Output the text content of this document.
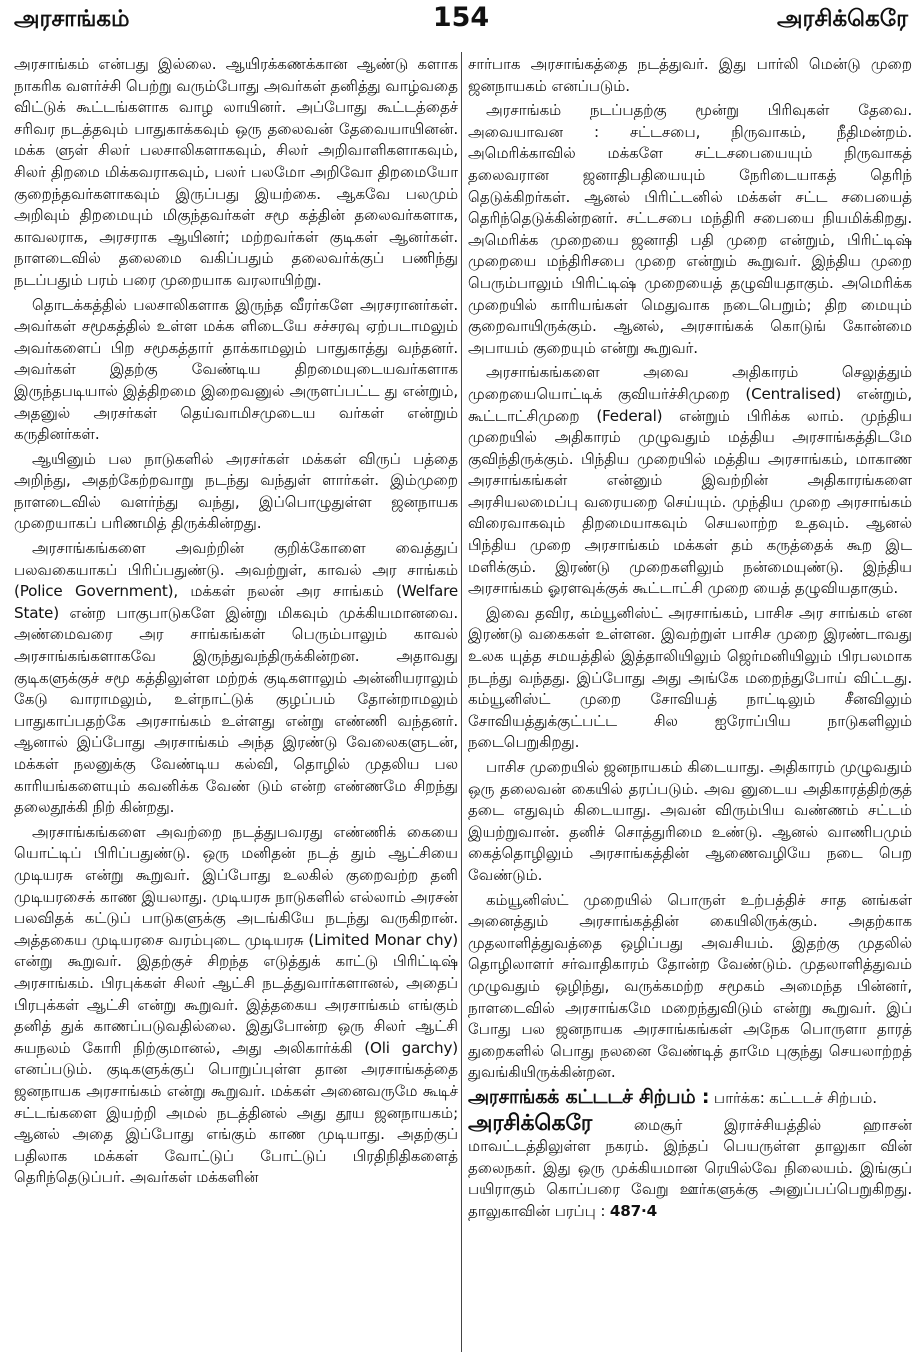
அரசாங்கம்	154	அரசிக்கெரே

அரசாங்கம் என்பது இல்லை. ஆயிரக்கணக்கான ஆண்டு களாக நாகரிக வளர்ச்சி பெற்று வரும்போது அவர்கள் தனித்து வாழ்வதை விட்டுக் கூட்டங்களாக வாழ லாயினர். அப்போது கூட்டத்தைச் சரிவர நடத்தவும் பாதுகாக்கவும் ஒரு தலைவன் தேவையாயினன். மக்க ளுள் சிலர் பலசாலிகளாகவும், சிலர் அறிவாளிகளாகவும், சிலர் திறமை மிக்கவராகவும், பலர் பலமோ அறிவோ திறமையோ குறைந்தவர்களாகவும் இருப்பது இயற்கை. ஆகவே பலமும் அறிவும் திறமையும் மிகுந்தவர்கள் சமூ கத்தின் தலைவர்களாக, காவலராக, அரசராக ஆயினர்; மற்றவர்கள் குடிகள் ஆனர்கள். நாளடைவில் தலைமை வகிப்பதும் தலைவர்க்குப் பணிந்து நடப்பதும் பரம் பரை முறையாக வரலாயிற்று.

தொடக்கத்தில் பலசாலிகளாக இருந்த வீரர்களே அரசரானர்கள். அவர்கள் சமூகத்தில் உள்ள மக்க ளிடையே சச்சரவு ஏற்படாமலும் அவர்களைப் பிற சமூகத்தார் தாக்காமலும் பாதுகாத்து வந்தனர். அவர்கள் இதற்கு வேண்டிய திறமையுடையவர்களாக இருந்தபடியால் இத்திறமை இறைவனுல் அருளப்பட்ட து என்றும், அதனுல் அரசர்கள் தெய்வாமிசமுடைய வர்கள் என்றும் கருதினர்கள்.

ஆயினும் பல நாடுகளில் அரசர்கள் மக்கள் விருப் பத்தை அறிந்து, அதற்கேற்றவாறு நடந்து வந்துள் ளார்கள். இம்முறை நாளடைவில் வளர்ந்து வந்து, இப்பொழுதுள்ள ஜனநாயக முறையாகப் பரிணமித் திருக்கின்றது.

அரசாங்கங்களை அவற்றின் குறிக்கோளை வைத்துப் பலவகையாகப் பிரிப்பதுண்டு. அவற்றுள், காவல் அர சாங்கம் (Police Government), மக்கள் நலன் அர சாங்கம் (Welfare State) என்ற பாகுபாடுகளே இன்று மிகவும் முக்கியமானவை. அண்மைவரை அர சாங்கங்கள் பெரும்பாலும் காவல் அரசாங்கங்களாகவே இருந்துவந்திருக்கின்றன. அதாவது குடிகளுக்குச் சமூ கத்திலுள்ள மற்றக் குடிகளாலும் அன்னியராலும் கேடு வாராமலும், உள்நாட்டுக் குழப்பம் தோன்றாமலும் பாதுகாப்பதற்கே அரசாங்கம் உள்ளது என்று எண்ணி வந்தனர். ஆனால் இப்போது அரசாங்கம் அந்த இரண்டு வேலைகளுடன், மக்கள் நலனுக்கு வேண்டிய கல்வி, தொழில் முதலிய பல காரியங்களையும் கவனிக்க வேண் டும் என்ற எண்ணமே சிறந்து தலைதூக்கி நிற் கின்றது.

அரசாங்கங்களை அவற்றை நடத்துபவரது எண்ணிக் கையை யொட்டிப் பிரிப்பதுண்டு. ஒரு மனிதன் நடத் தும் ஆட்சியை முடியரசு என்று கூறுவர். இப்போது உலகில் குறைவற்ற தனி முடியரசைக் காண இயலாது. முடியரசு நாடுகளில் எல்லாம் அரசன் பலவிதக் கட்டுப் பாடுகளுக்கு அடங்கியே நடந்து வருகிறான். அத்தகைய முடியரசை வரம்புடை முடியரசு (Limited Monar chy) என்று கூறுவர். இதற்குச் சிறந்த எடுத்துக் காட்டு பிரிட்டிஷ் அரசாங்கம். பிரபுக்கள் சிலர் ஆட்சி நடத்துவார்களானல், அதைப் பிரபுக்கள் ஆட்சி என்று கூறுவர். இத்தகைய அரசாங்கம் எங்கும் தனித் துக் காணப்படுவதில்லை. இதுபோன்ற ஒரு சிலர் ஆட்சி சுயநலம் கோரி நிற்குமானல், அது அலிகார்க்கி (Oli garchy) எனப்படும். குடிகளுக்குப் பொறுப்புள்ள தான அரசாங்கத்தை ஜனநாயக அரசாங்கம் என்று கூறுவர். மக்கள் அனைவருமே கூடிச் சட்டங்களை இயற்றி அமல் நடத்தினல் அது தூய ஜனநாயகம்; ஆனல் அதை இப்போது எங்கும் காண முடியாது. அதற்குப் பதிலாக மக்கள் வோட்டுப் போட்டுப் பிரதிநிதிகளைத் தெரிந்தெடுப்பர். அவர்கள் மக்களின்

சார்பாக அரசாங்கத்தை நடத்துவர். இது பார்லி மென்டு முறை ஜனநாயகம் எனப்படும்.

அரசாங்கம் நடப்பதற்கு மூன்று பிரிவுகள் தேவை. அவையாவன : சட்டசபை, நிருவாகம், நீதிமன்றம். அமெரிக்காவில் மக்களே சட்டசபையையும் நிருவாகத் தலைவரான ஜனாதிபதியையும் நேரிடையாகத் தெரிந் தெடுக்கிறர்கள். ஆனல் பிரிட்டனில் மக்கள் சட்ட சபையைத் தெரிந்தெடுக்கின்றனர். சட்டசபை மந்திரி சபையை நியமிக்கிறது. அமெரிக்க முறையை ஜனாதி பதி முறை என்றும், பிரிட்டிஷ் முறையை மந்திரிசபை முறை என்றும் கூறுவர். இந்திய முறை பெரும்பாலும் பிரிட்டிஷ் முறையைத் தழுவியதாகும். அமெரிக்க முறையில் காரியங்கள் மெதுவாக நடைபெறும்; திற மையும் குறைவாயிருக்கும். ஆனல், அரசாங்கக் கொடுங் கோன்மை அபாயம் குறையும் என்று கூறுவர்.

அரசாங்கங்களை அவை அதிகாரம் செலுத்தும் முறையையொட்டிக் குவியர்ச்சிமுறை (Centralised) என்றும், கூட்டாட்சிமுறை (Federal) என்றும் பிரிக்க லாம். முந்திய முறையில் அதிகாரம் முழுவதும் மத்திய அரசாங்கத்திடமே குவிந்திருக்கும். பிந்திய முறையில் மத்திய அரசாங்கம், மாகாண அரசாங்கங்கள் என்னும் இவற்றின் அதிகாரங்களை அரசியலமைப்பு வரையறை செய்யும். முந்திய முறை அரசாங்கம் விரைவாகவும் திறமையாகவும் செயலாற்ற உதவும். ஆனல் பிந்திய முறை அரசாங்கம் மக்கள் தம் கருத்தைக் கூற இட மளிக்கும். இரண்டு முறைகளிலும் நன்மையுண்டு. இந்திய அரசாங்கம் ஓரளவுக்குக் கூட்டாட்சி முறை யைத் தழுவியதாகும்.

இவை தவிர, கம்யூனிஸ்ட் அரசாங்கம், பாசிச அர சாங்கம் என இரண்டு வகைகள் உள்ளன. இவற்றுள் பாசிச முறை இரண்டாவது உலக யுத்த சமயத்தில் இத்தாலியிலும் ஜெர்மனியிலும் பிரபலமாக நடந்து வந்தது. இப்போது அது அங்கே மறைந்துபோய் விட்டது. கம்யூனிஸ்ட் முறை சோவியத் நாட்டிலும் சீனவிலும் சோவியத்துக்குட்பட்ட சில ஐரோப்பிய நாடுகளிலும் நடைபெறுகிறது.

பாசிச முறையில் ஜனநாயகம் கிடையாது. அதிகாரம் முழுவதும் ஒரு தலைவன் கையில் தரப்படும். அவ னுடைய அதிகாரத்திற்குத் தடை எதுவும் கிடையாது. அவன் விரும்பிய வண்ணம் சட்டம் இயற்றுவான். தனிச் சொத்துரிமை உண்டு. ஆனல் வாணிபமும் கைத்தொழிலும் அரசாங்கத்தின் ஆணைவழியே நடை பெற வேண்டும்.

கம்யூனிஸ்ட் முறையில் பொருள் உற்பத்திச் சாத னங்கள் அனைத்தும் அரசாங்கத்தின் கையிலிருக்கும். அதற்காக முதலாளித்துவத்தை ஒழிப்பது அவசியம். இதற்கு முதலில் தொழிலாளர் சர்வாதிகாரம் தோன்ற வேண்டும். முதலாளித்துவம் முழுவதும் ஒழிந்து, வருக்கமற்ற சமூகம் அமைந்த பின்னர், நாளடைவில் அரசாங்கமே மறைந்துவிடும் என்று கூறுவர். இப் போது பல ஜனநாயக அரசாங்கங்கள் அநேக பொருளா தாரத் துறைகளில் பொது நலனை வேண்டித் தாமே புகுந்து செயலாற்றத் துவங்கியிருக்கின்றன.

அரசாங்கக் கட்டடச் சிற்பம் : பார்க்க: கட்டடச் சிற்பம்.

அரசிக்கெரே	மைசூர் இராச்சியத்தில் ஹாசன் மாவட்டத்திலுள்ள நகரம். இந்தப் பெயருள்ள தாலுகா வின் தலைநகர். இது ஒரு முக்கியமான ரெயில்வே நிலையம். இங்குப் பயிராகும் கொப்பரை வேறு ஊர்களுக்கு அனுப்பப்பெறுகிறது. தாலுகாவின் பரப்பு : 487·4
